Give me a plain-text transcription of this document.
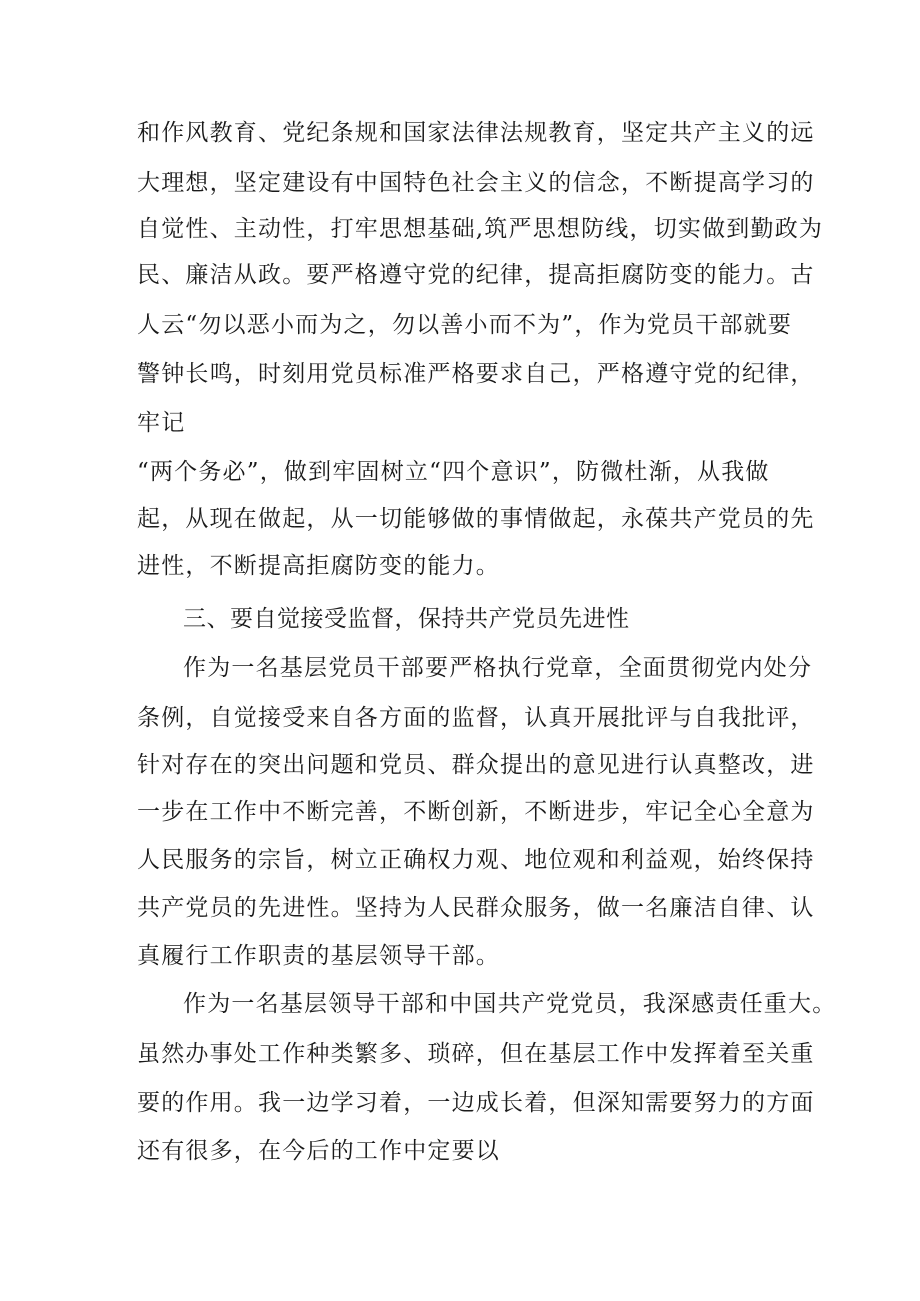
和作风教育、党纪条规和国家法律法规教育，坚定共产主义的远
大理想，坚定建设有中国特色社会主义的信念，不断提高学习的
自觉性、主动性，打牢思想基础,筑严思想防线，切实做到勤政为
民、廉洁从政。要严格遵守党的纪律，提高拒腐防变的能力。古
人云“勿以恶小而为之，勿以善小而不为”，作为党员干部就要
警钟长鸣，时刻用党员标准严格要求自己，严格遵守党的纪律，
牢记
“两个务必”，做到牢固树立“四个意识”，防微杜渐，从我做
起，从现在做起，从一切能够做的事情做起，永葆共产党员的先
进性，不断提高拒腐防变的能力。
三、要自觉接受监督，保持共产党员先进性
作为一名基层党员干部要严格执行党章，全面贯彻党内处分
条例，自觉接受来自各方面的监督，认真开展批评与自我批评，
针对存在的突出问题和党员、群众提出的意见进行认真整改，进
一步在工作中不断完善，不断创新，不断进步，牢记全心全意为
人民服务的宗旨，树立正确权力观、地位观和利益观，始终保持
共产党员的先进性。坚持为人民群众服务，做一名廉洁自律、认
真履行工作职责的基层领导干部。
作为一名基层领导干部和中国共产党党员，我深感责任重大。
虽然办事处工作种类繁多、琐碎，但在基层工作中发挥着至关重
要的作用。我一边学习着，一边成长着，但深知需要努力的方面
还有很多，在今后的工作中定要以
